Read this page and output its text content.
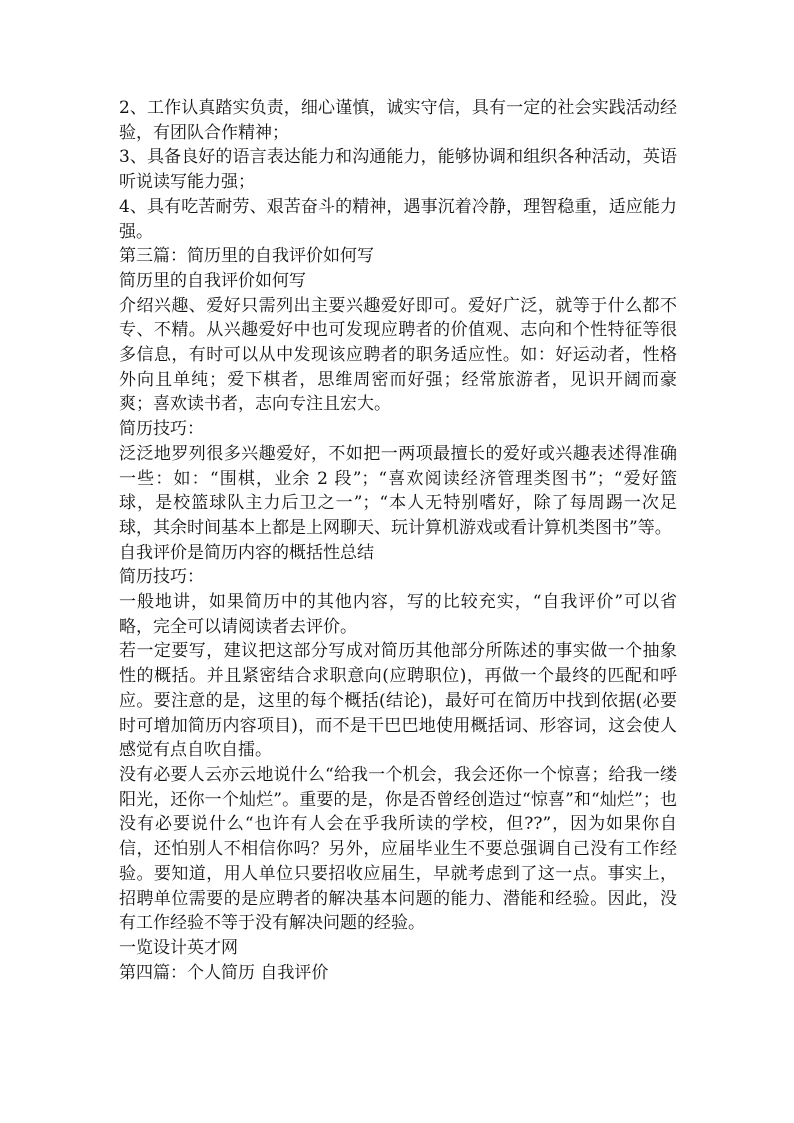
2、工作认真踏实负责，细心谨慎，诚实守信，具有一定的社会实践活动经验，有团队合作精神；

3、具备良好的语言表达能力和沟通能力，能够协调和组织各种活动，英语听说读写能力强；

4、具有吃苦耐劳、艰苦奋斗的精神，遇事沉着冷静，理智稳重，适应能力强。

第三篇：简历里的自我评价如何写

简历里的自我评价如何写

介绍兴趣、爱好只需列出主要兴趣爱好即可。爱好广泛，就等于什么都不专、不精。从兴趣爱好中也可发现应聘者的价值观、志向和个性特征等很多信息，有时可以从中发现该应聘者的职务适应性。如：好运动者，性格外向且单纯；爱下棋者，思维周密而好强；经常旅游者，见识开阔而豪爽；喜欢读书者，志向专注且宏大。

简历技巧：

泛泛地罗列很多兴趣爱好，不如把一两项最擅长的爱好或兴趣表述得准确一些：如：“围棋，业余 2 段”；“喜欢阅读经济管理类图书”；“爱好篮球，是校篮球队主力后卫之一”；“本人无特别嗜好，除了每周踢一次足球，其余时间基本上都是上网聊天、玩计算机游戏或看计算机类图书”等。

自我评价是简历内容的概括性总结

简历技巧：

一般地讲，如果简历中的其他内容，写的比较充实，“自我评价”可以省略，完全可以请阅读者去评价。

若一定要写，建议把这部分写成对简历其他部分所陈述的事实做一个抽象性的概括。并且紧密结合求职意向(应聘职位)，再做一个最终的匹配和呼应。要注意的是，这里的每个概括(结论)，最好可在简历中找到依据(必要时可增加简历内容项目)，而不是干巴巴地使用概括词、形容词，这会使人感觉有点自吹自擂。

没有必要人云亦云地说什么“给我一个机会，我会还你一个惊喜；给我一缕阳光，还你一个灿烂”。重要的是，你是否曾经创造过“惊喜”和“灿烂”；也没有必要说什么“也许有人会在乎我所读的学校，但??”，因为如果你自信，还怕别人不相信你吗？另外，应届毕业生不要总强调自己没有工作经验。要知道，用人单位只要招收应届生，早就考虑到了这一点。事实上，招聘单位需要的是应聘者的解决基本问题的能力、潜能和经验。因此，没有工作经验不等于没有解决问题的经验。

一览设计英才网

第四篇：个人简历 自我评价
